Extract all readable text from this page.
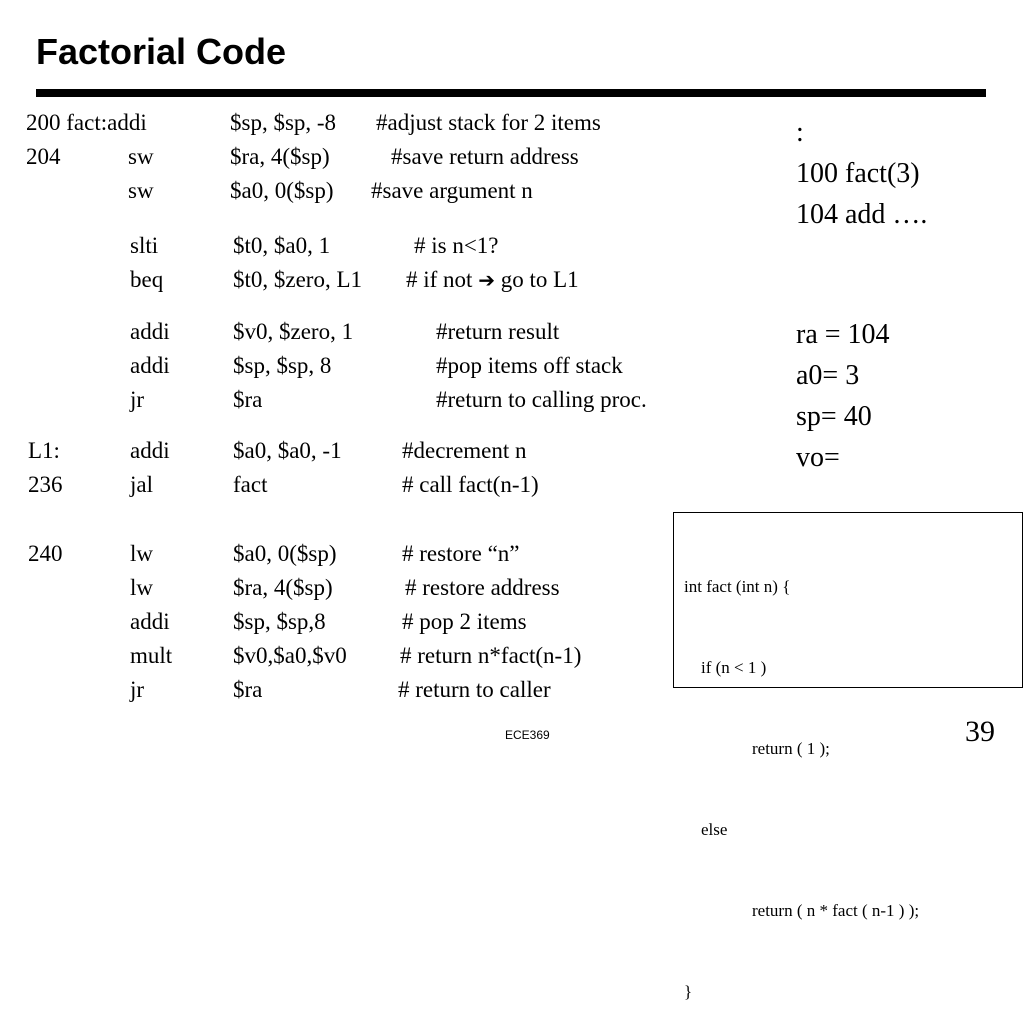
Factorial Code
200 fact:addi	$sp, $sp, -8 #adjust stack for 2 items
204	sw	$ra, 4($sp)	#save return address
sw	$a0, 0($sp) #save argument n
slti	$t0, $a0, 1	# is n<1?
beq	$t0, $zero, L1 # if not ➔ go to L1
addi	$v0, $zero, 1	#return result
addi	$sp, $sp, 8	#pop items off stack
jr	$ra	#return to calling proc.
L1:	addi	$a0, $a0, -1	#decrement n
236	jal	fact	# call fact(n-1)
240	lw	$a0, 0($sp)	# restore “n”
lw	$ra, 4($sp)	# restore address
addi	$sp, $sp,8	# pop 2 items
mult	$v0,$a0,$v0 # return n*fact(n-1)
jr	$ra	# return to caller
:
100 fact(3)
104 add ….
ra = 104
a0= 3
sp= 40
vo=

int fact (int n) {

if (n < 1 )

return ( 1 );

else

return ( n * fact ( n-1 ) );

}

ECE369	39
